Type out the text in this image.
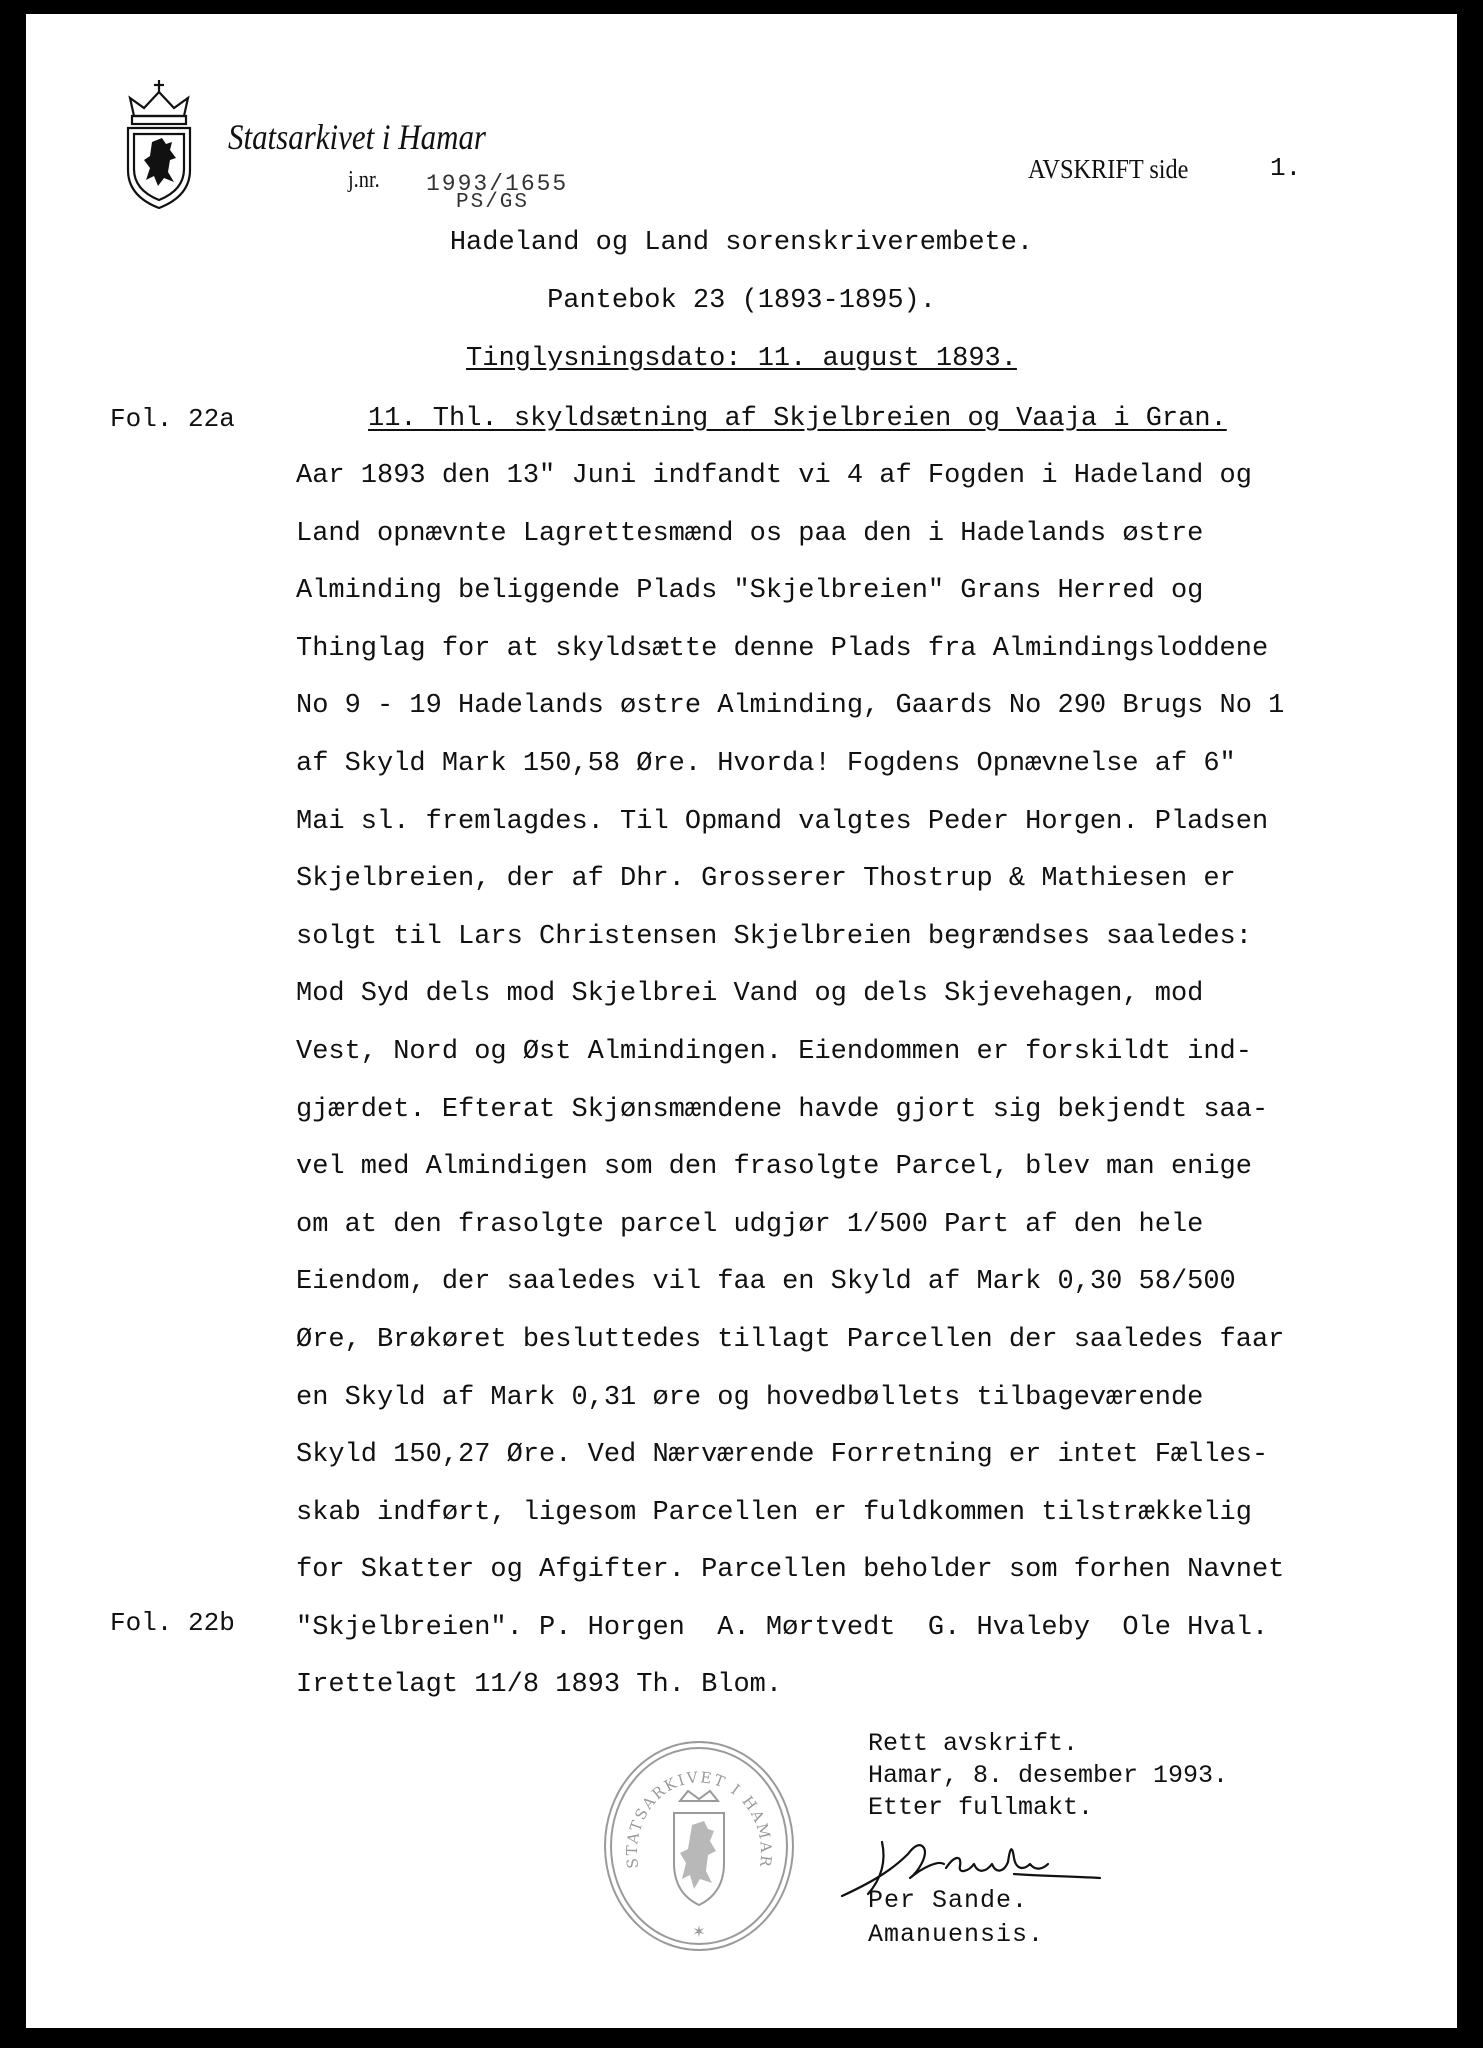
Statsarkivet i Hamar
j.nr. 1993/1655
PS/GS
AVSKRIFT side	1.
Hadeland og Land sorenskriverembete.
Pantebok 23 (1893-1895).
Tinglysningsdato: 11. august 1893.
Fol. 22a	11. Thl. skyldsætning af Skjelbreien og Vaaja i Gran.
Aar 1893 den 13" Juni indfandt vi 4 af Fogden i Hadeland og
Land opnævnte Lagrettesmænd os paa den i Hadelands østre
Alminding beliggende Plads "Skjelbreien" Grans Herred og
Thinglag for at skyldsætte denne Plads fra Almindingsloddene
No 9 - 19 Hadelands østre Alminding, Gaards No 290 Brugs No 1
af Skyld Mark 150,58 Øre. Hvorda! Fogdens Opnævnelse af 6"
Mai sl. fremlagdes. Til Opmand valgtes Peder Horgen. Pladsen
Skjelbreien, der af Dhr. Grosserer Thostrup & Mathiesen er
solgt til Lars Christensen Skjelbreien begrændses saaledes:
Mod Syd dels mod Skjelbrei Vand og dels Skjevehagen, mod
Vest, Nord og Øst Almindingen. Eiendommen er forskildt ind-
gjærdet. Efterat Skjønsmændene havde gjort sig bekjendt saa-
vel med Almindigen som den frasolgte Parcel, blev man enige
om at den frasolgte parcel udgjør 1/500 Part af den hele
Eiendom, der saaledes vil faa en Skyld af Mark 0,30 58/500
Øre, Brøkøret besluttedes tillagt Parcellen der saaledes faar
en Skyld af Mark 0,31 øre og hovedbøllets tilbageværende
Skyld 150,27 Øre. Ved Nærværende Forretning er intet Fælles-
skab indført, ligesom Parcellen er fuldkommen tilstrækkelig
for Skatter og Afgifter. Parcellen beholder som forhen Navnet
"Skjelbreien". P. Horgen  A. Mørtvedt  G. Hvaleby  Ole Hval.
Irettelagt 11/8 1893 Th. Blom.
Fol. 22b
STATSARKIVET I HAMAR
✶
Rett avskrift.
Hamar, 8. desember 1993.
Etter fullmakt.
Per Sande.
Amanuensis.
